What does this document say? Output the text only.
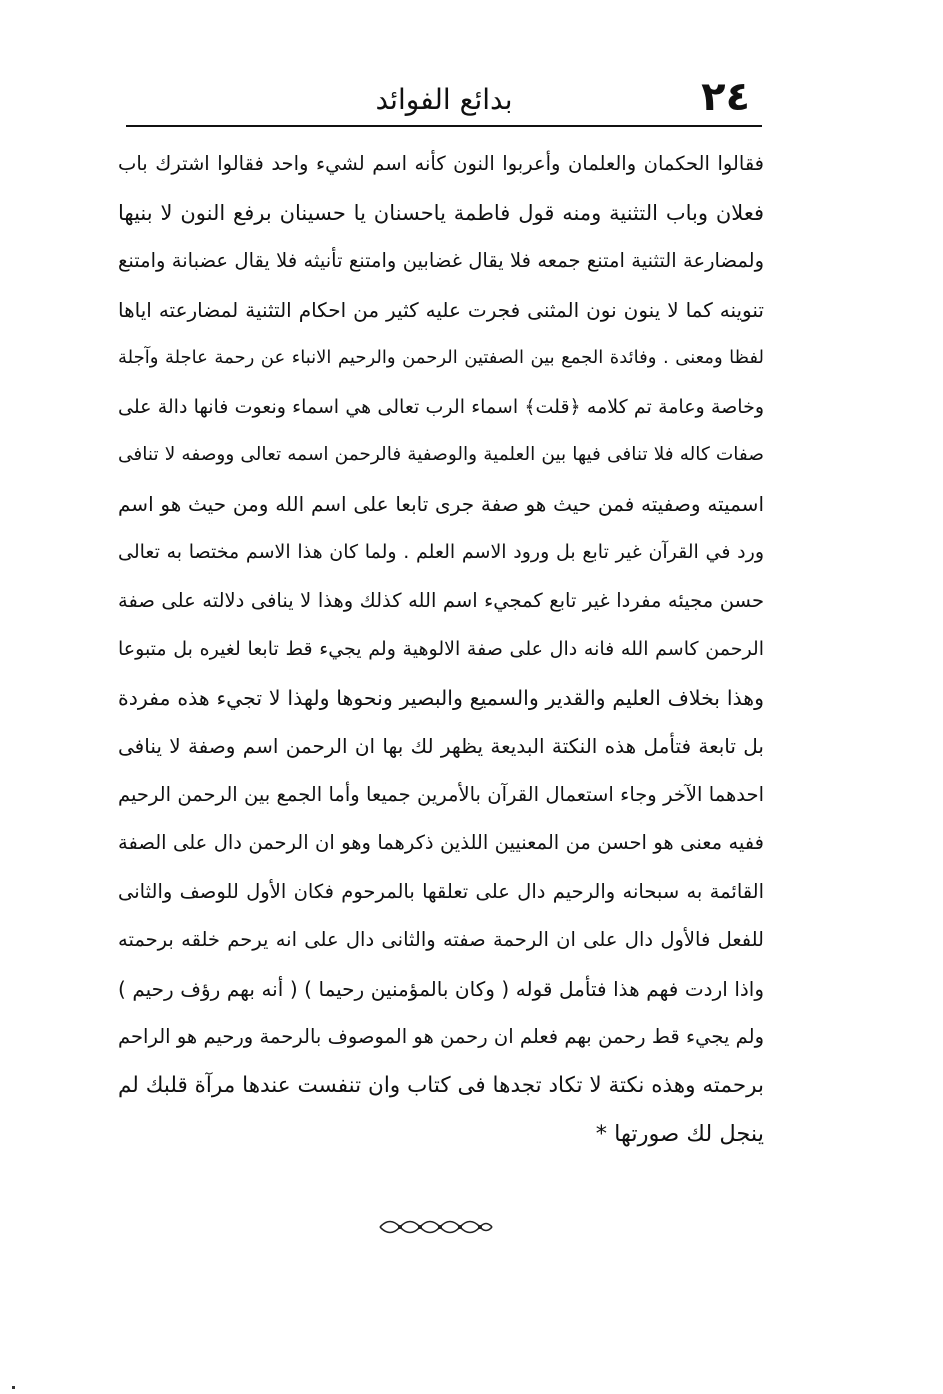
٢٤
بدائع الفوائد
فقالوا الحكمان والعلمان وأعربوا النون كأنه اسم لشيء واحد فقالوا اشترك باب
فعلان وباب التثنية ومنه قول فاطمة ياحسنان يا حسينان برفع النون لا بنيها
ولمضارعة التثنية امتنع جمعه فلا يقال غضابين وامتنع تأنيثه فلا يقال عضبانة وامتنع
تنوينه كما لا ينون نون المثنى فجرت عليه كثير من احكام التثنية لمضارعته اياها
لفظا ومعنى . وفائدة الجمع بين الصفتين الرحمن والرحيم الانباء عن رحمة عاجلة وآجلة
وخاصة وعامة تم كلامه ﴿قلت﴾ اسماء الرب تعالى هي اسماء ونعوت فانها دالة على
صفات كاله فلا تنافى فيها بين العلمية والوصفية فالرحمن اسمه تعالى ووصفه لا تنافى
اسميته وصفيته فمن حيث هو صفة جرى تابعا على اسم الله ومن حيث هو اسم
ورد في القرآن غير تابع بل ورود الاسم العلم . ولما كان هذا الاسم مختصا به تعالى
حسن مجيئه مفردا غير تابع كمجيء اسم الله كذلك وهذا لا ينافى دلالته على صفة
الرحمن كاسم الله فانه دال على صفة الالوهية ولم يجيء قط تابعا لغيره بل متبوعا
وهذا بخلاف العليم والقدير والسميع والبصير ونحوها ولهذا لا تجيء هذه مفردة
بل تابعة فتأمل هذه النكتة البديعة يظهر لك بها ان الرحمن اسم وصفة لا ينافى
احدهما الآخر وجاء استعمال القرآن بالأمرين جميعا وأما الجمع بين الرحمن الرحيم
ففيه معنى هو احسن من المعنيين اللذين ذكرهما وهو ان الرحمن دال على الصفة
القائمة به سبحانه والرحيم دال على تعلقها بالمرحوم فكان الأول للوصف والثانى
للفعل فالأول دال على ان الرحمة صفته والثانى دال على انه يرحم خلقه برحمته
واذا اردت فهم هذا فتأمل قوله ( وكان بالمؤمنين رحيما ) ( أنه بهم رؤف رحيم )
ولم يجيء قط رحمن بهم فعلم ان رحمن هو الموصوف بالرحمة ورحيم هو الراحم
برحمته وهذه نكتة لا تكاد تجدها فى كتاب وان تنفست عندها مرآة قلبك لم
ينجل لك صورتها *
